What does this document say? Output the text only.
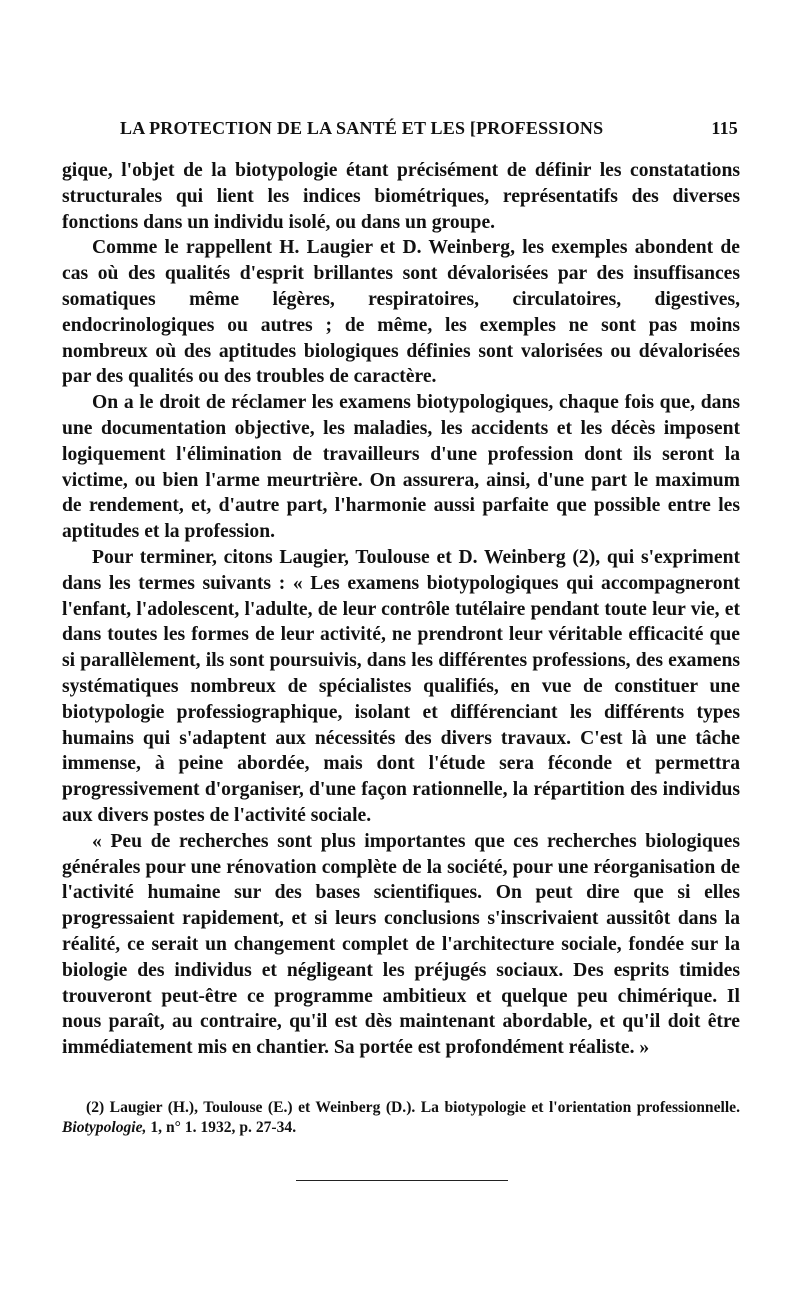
LA PROTECTION DE LA SANTÉ ET LES [PROFESSIONS	115

gique, l'objet de la biotypologie étant précisément de définir les constatations structurales qui lient les indices biométriques, représentatifs des diverses fonctions dans un individu isolé, ou dans un groupe.

Comme le rappellent H. Laugier et D. Weinberg, les exemples abondent de cas où des qualités d'esprit brillantes sont dévalorisées par des insuffisances somatiques même légères, respiratoires, circulatoires, digestives, endocrinologiques ou autres ; de même, les exemples ne sont pas moins nombreux où des aptitudes biologiques définies sont valorisées ou dévalorisées par des qualités ou des troubles de caractère.

On a le droit de réclamer les examens biotypologiques, chaque fois que, dans une documentation objective, les maladies, les accidents et les décès imposent logiquement l'élimination de travailleurs d'une profession dont ils seront la victime, ou bien l'arme meurtrière. On assurera, ainsi, d'une part le maximum de rendement, et, d'autre part, l'harmonie aussi parfaite que possible entre les aptitudes et la profession.

Pour terminer, citons Laugier, Toulouse et D. Weinberg (2), qui s'expriment dans les termes suivants : « Les examens biotypologiques qui accompagneront l'enfant, l'adolescent, l'adulte, de leur contrôle tutélaire pendant toute leur vie, et dans toutes les formes de leur activité, ne prendront leur véritable efficacité que si parallèlement, ils sont poursuivis, dans les différentes professions, des examens systématiques nombreux de spécialistes qualifiés, en vue de constituer une biotypologie professiographique, isolant et différenciant les différents types humains qui s'adaptent aux nécessités des divers travaux. C'est là une tâche immense, à peine abordée, mais dont l'étude sera féconde et permettra progressivement d'organiser, d'une façon rationnelle, la répartition des individus aux divers postes de l'activité sociale.

« Peu de recherches sont plus importantes que ces recherches biologiques générales pour une rénovation complète de la société, pour une réorganisation de l'activité humaine sur des bases scientifiques. On peut dire que si elles progressaient rapidement, et si leurs conclusions s'inscrivaient aussitôt dans la réalité, ce serait un changement complet de l'architecture sociale, fondée sur la biologie des individus et négligeant les préjugés sociaux. Des esprits timides trouveront peut-être ce programme ambitieux et quelque peu chimérique. Il nous paraît, au contraire, qu'il est dès maintenant abordable, et qu'il doit être immédiatement mis en chantier. Sa portée est profondément réaliste. »

(2) Laugier (H.), Toulouse (E.) et Weinberg (D.). La biotypologie et l'orientation professionnelle. Biotypologie, 1, n° 1. 1932, p. 27-34.
